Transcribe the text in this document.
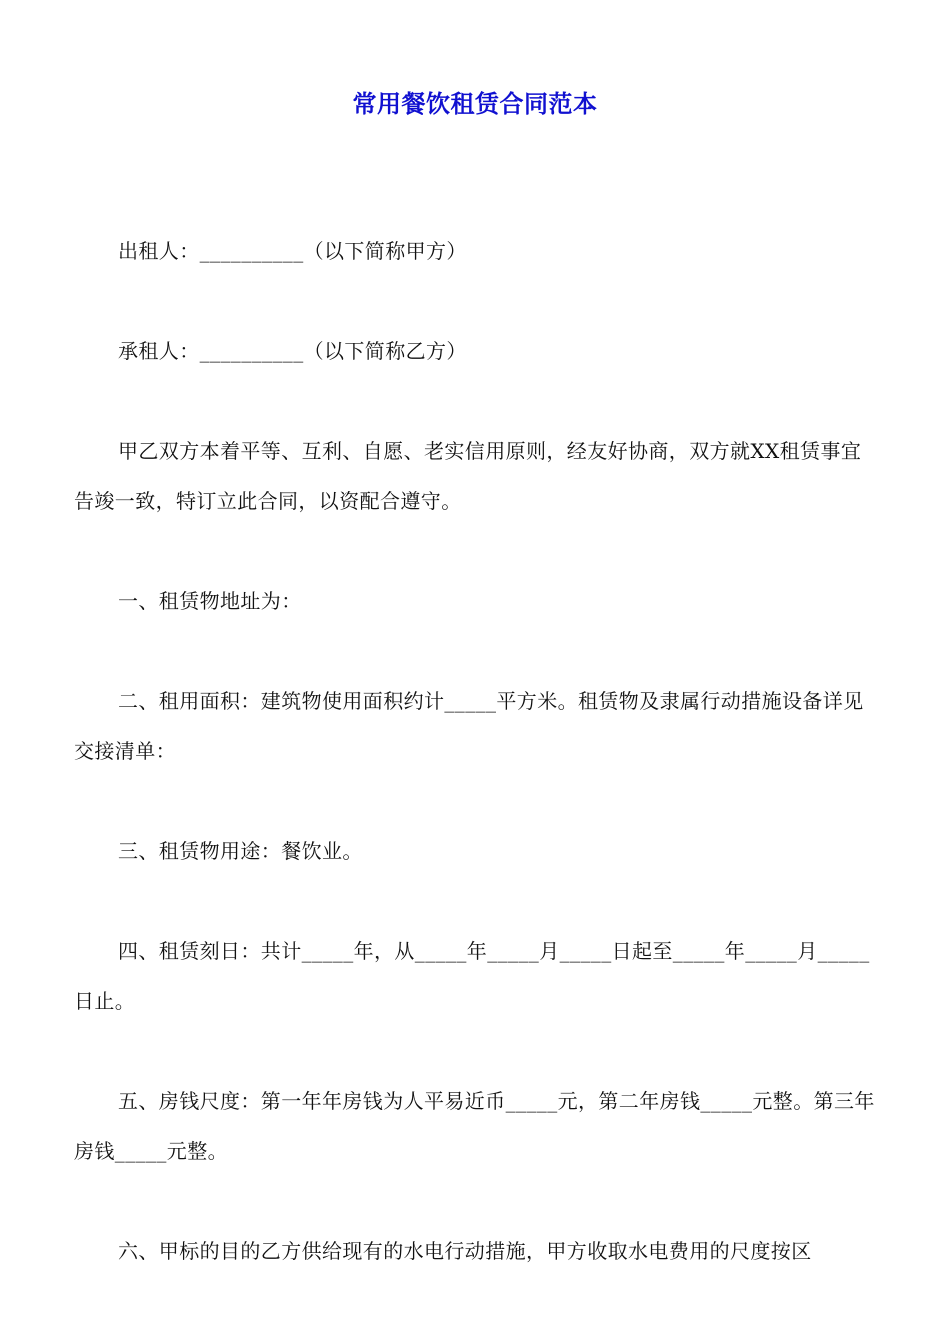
常用餐饮租赁合同范本
出租人：__________（以下简称甲方）
承租人：__________（以下简称乙方）
甲乙双方本着平等、互利、自愿、老实信用原则，经友好协商，双方就XX租赁事宜告竣一致，特订立此合同，以资配合遵守。
一、租赁物地址为：
二、租用面积：建筑物使用面积约计_____平方米。租赁物及隶属行动措施设备详见交接清单：
三、租赁物用途：餐饮业。
四、租赁刻日：共计_____年，从_____年_____月_____日起至_____年_____月_____日止。
五、房钱尺度：第一年年房钱为人平易近币_____元，第二年房钱_____元整。第三年房钱_____元整。
六、甲标的目的乙方供给现有的水电行动措施，甲方收取水电费用的尺度按区
